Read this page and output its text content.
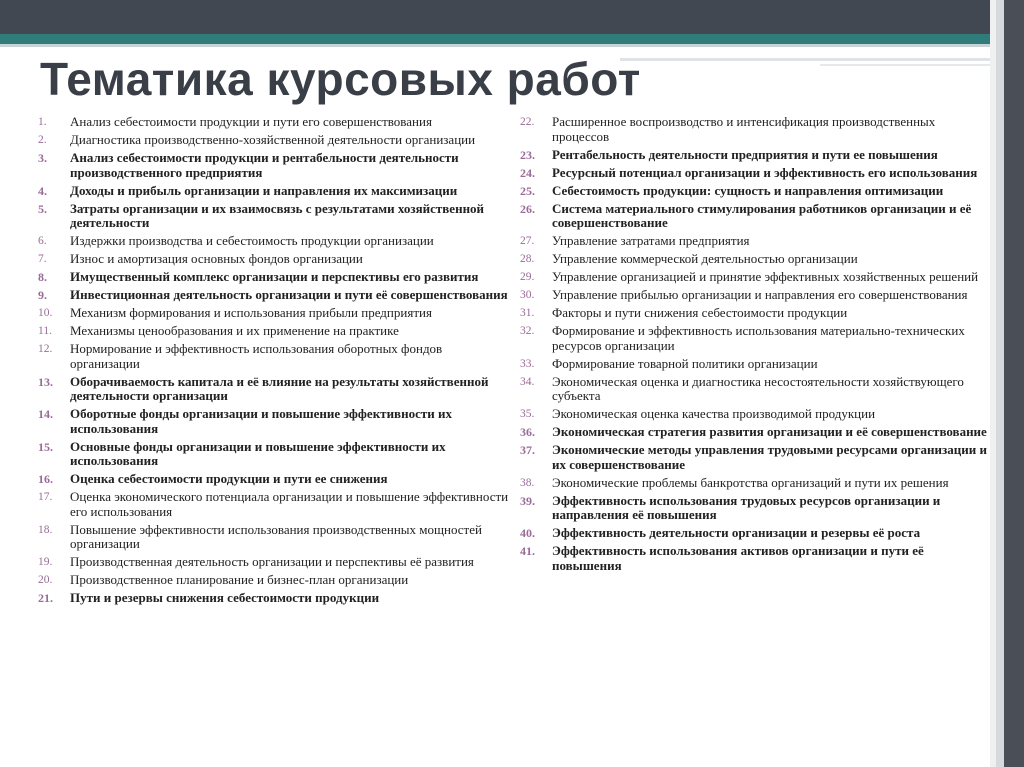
Тематика курсовых работ
1.	Анализ себестоимости продукции и пути его совершенствования
2.	Диагностика производственно-хозяйственной деятельности организации
3.	Анализ себестоимости продукции и рентабельности деятельности производственного предприятия
4.	Доходы и прибыль организации и направления их максимизации
5.	Затраты организации и их взаимосвязь с результатами хозяйственной деятельности
6.	Издержки производства и себестоимость продукции организации
7.	Износ и амортизация основных фондов организации
8.	Имущественный комплекс организации и перспективы его развития
9.	Инвестиционная деятельность организации и пути её совершенствования
10.	Механизм формирования и использования прибыли предприятия
11.	Механизмы ценообразования и их применение на практике
12.	Нормирование и эффективность использования оборотных фондов организации
13.	Оборачиваемость капитала и её влияние на результаты хозяйственной деятельности организации
14.	Оборотные фонды организации и повышение эффективности их использования
15.	Основные фонды организации и повышение эффективности их использования
16.	Оценка себестоимости продукции и пути ее снижения
17.	Оценка экономического потенциала организации и повышение эффективности его использования
18.	Повышение эффективности использования производственных мощностей организации
19.	Производственная деятельность организации и перспективы её развития
20.	Производственное планирование и бизнес-план организации
21.	Пути и резервы снижения себестоимости продукции
22.	Расширенное воспроизводство и интенсификация производственных процессов
23.	Рентабельность деятельности предприятия и пути ее повышения
24.	Ресурсный потенциал организации и эффективность его использования
25.	Себестоимость продукции: сущность и направления оптимизации
26.	Система материального стимулирования работников организации и её совершенствование
27.	Управление затратами предприятия
28.	Управление коммерческой деятельностью организации
29.	Управление организацией и принятие эффективных хозяйственных решений
30.	Управление прибылью организации и направления его совершенствования
31.	Факторы и пути снижения себестоимости продукции
32.	Формирование и эффективность использования материально-технических ресурсов организации
33.	Формирование товарной политики организации
34.	Экономическая оценка и диагностика несостоятельности хозяйствующего субъекта
35.	Экономическая оценка качества производимой продукции
36.	Экономическая стратегия развития организации и её совершенствование
37.	Экономические методы управления трудовыми ресурсами организации и их совершенствование
38.	Экономические проблемы банкротства организаций и пути их решения
39.	Эффективность использования трудовых ресурсов организации и направления её повышения
40.	Эффективность деятельности организации и резервы её роста
41.	Эффективность использования активов организации и пути её повышения
